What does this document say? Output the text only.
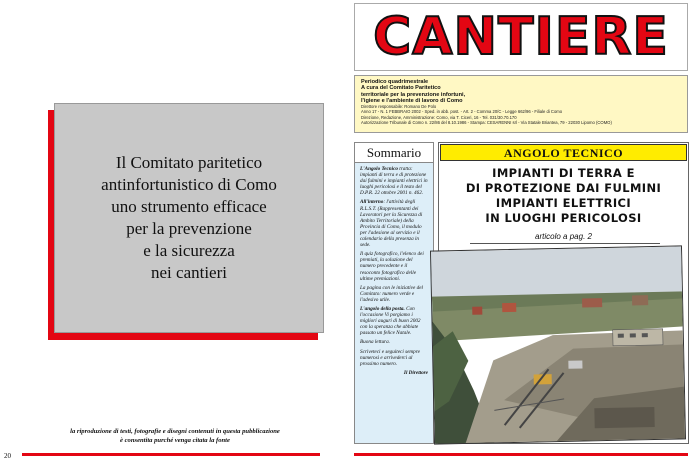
Il Comitato paritetico
antinfortunistico di Como
uno strumento efficace
per la prevenzione
e la sicurezza
nei cantieri
la riproduzione di testi, fotografie e disegni contenuti in questa pubblicazione
è consentita purché venga citata la fonte
20
CANTIERE
Periodico quadrimestrale
A cura del Comitato Paritetico
territoriale per la prevenzione infortuni,
l'igiene e l'ambiente di lavoro di Como
Direttore responsabile: Romano De Polo
Anno 17 - N. 1 FEBBRAIO 2002 - Sped. in abb. post. - Art. 2 - Comma 20/C - Legge 662/96 - Filiale di Como
Direzione, Redazione, Amministrazione: Como, via T. Ciceri, 16 - Tel. 031/30.70.170
Autorizzazione Tribunale di Como n. 22/86 del 8.10.1986 - Stampa: CESARENNI srl - Via Statale Briantea, 79 - 22030 Lipomo (COMO)
Sommario

L'Angolo Tecnico tratta: impianti di terra e di protezione dai fulmini e impianti elettrici in luoghi pericolosi e il testo del D.P.R. 22 ottobre 2001 n. 462.

All'interno: l'attività degli R.L.S.T. (Rappresentanti dei Lavoratori per la Sicurezza di Ambito Territoriale) della Provincia di Como, il modulo per l'adesione al servizio e il calendario della presenza in sede.

Il quiz fotografico, l'elenco dei premiati, la soluzione del numero precedente e il resoconto fotografico delle ultime premiazioni.

La pagina con le iniziative del Comitato: numero verde e l'adesivo utile.

L'angolo della posta. Con l'occasione Vi porgiamo i migliori auguri di buon 2002 con la speranza che abbiate passato un felice Natale.

Buona lettura.

Scriveteci e seguiteci sempre numerosi e arrivederci al prossimo numero.

Il Direttore
ANGOLO TECNICO
IMPIANTI DI TERRA E
DI PROTEZIONE DAI FULMINI
IMPIANTI ELETTRICI
IN LUOGHI PERICOLOSI
articolo a pag. 2
